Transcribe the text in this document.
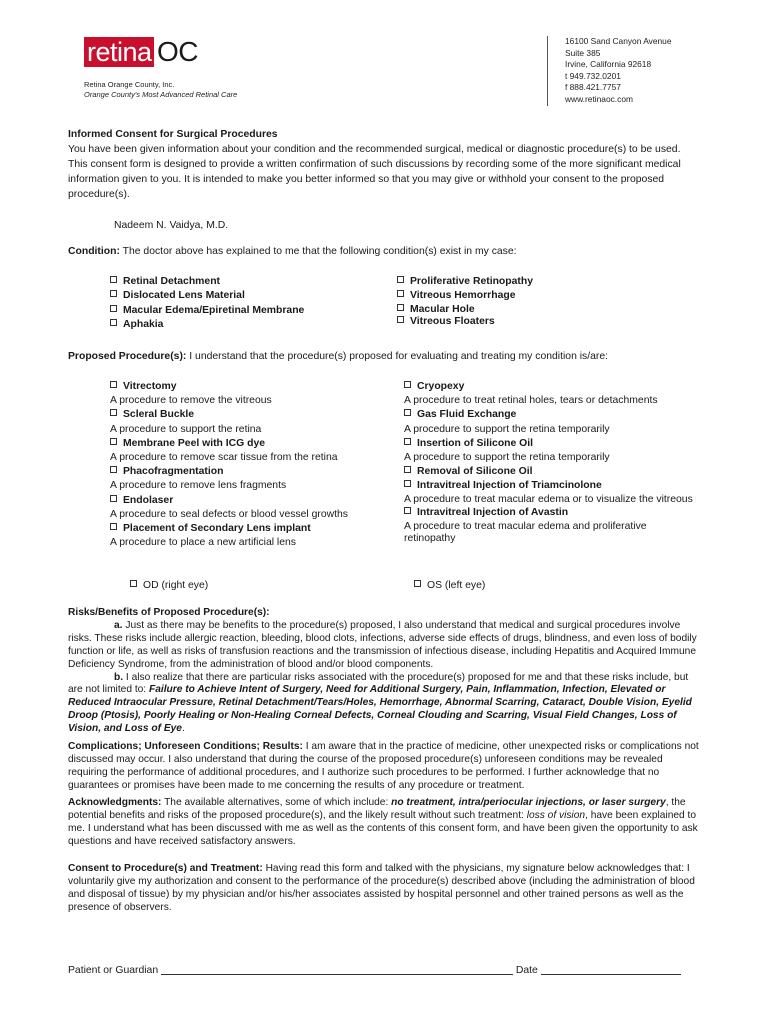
retina OC
Retina Orange County, Inc.
Orange County's Most Advanced Retinal Care
16100 Sand Canyon Avenue
Suite 385
Irvine, California 92618
t 949.732.0201
f 888.421.7757
www.retinaoc.com
Informed Consent for Surgical Procedures
You have been given information about your condition and the recommended surgical, medical or diagnostic procedure(s) to be used. This consent form is designed to provide a written confirmation of such discussions by recording some of the more significant medical information given to you. It is intended to make you better informed so that you may give or withhold your consent to the proposed procedure(s).
Nadeem N. Vaidya, M.D.
Condition: The doctor above has explained to me that the following condition(s) exist in my case:
Retinal Detachment
Dislocated Lens Material
Macular Edema/Epiretinal Membrane
Aphakia
Proliferative Retinopathy
Vitreous Hemorrhage
Macular Hole
Vitreous Floaters
Proposed Procedure(s): I understand that the procedure(s) proposed for evaluating and treating my condition is/are:
Vitrectomy
A procedure to remove the vitreous
Scleral Buckle
A procedure to support the retina
Membrane Peel with ICG dye
A procedure to remove scar tissue from the retina
Phacofragmentation
A procedure to remove lens fragments
Endolaser
A procedure to seal defects or blood vessel growths
Placement of Secondary Lens implant
A procedure to place a new artificial lens
Cryopexy
A procedure to treat retinal holes, tears or detachments
Gas Fluid Exchange
A procedure to support the retina temporarily
Insertion of Silicone Oil
A procedure to support the retina temporarily
Removal of Silicone Oil
Intravitreal Injection of Triamcinolone
A procedure to treat macular edema or to visualize the vitreous
Intravitreal Injection of Avastin
A procedure to treat macular edema and proliferative retinopathy
OD (right eye)	OS (left eye)
Risks/Benefits of Proposed Procedure(s):
a. Just as there may be benefits to the procedure(s) proposed, I also understand that medical and surgical procedures involve risks. These risks include allergic reaction, bleeding, blood clots, infections, adverse side effects of drugs, blindness, and even loss of bodily function or life, as well as risks of transfusion reactions and the transmission of infectious disease, including Hepatitis and Acquired Immune Deficiency Syndrome, from the administration of blood and/or blood components.
b. I also realize that there are particular risks associated with the procedure(s) proposed for me and that these risks include, but are not limited to: Failure to Achieve Intent of Surgery, Need for Additional Surgery, Pain, Inflammation, Infection, Elevated or Reduced Intraocular Pressure, Retinal Detachment/Tears/Holes, Hemorrhage, Abnormal Scarring, Cataract, Double Vision, Eyelid Droop (Ptosis), Poorly Healing or Non-Healing Corneal Defects, Corneal Clouding and Scarring, Visual Field Changes, Loss of Vision, and Loss of Eye.
Complications; Unforeseen Conditions; Results: I am aware that in the practice of medicine, other unexpected risks or complications not discussed may occur. I also understand that during the course of the proposed procedure(s) unforeseen conditions may be revealed requiring the performance of additional procedures, and I authorize such procedures to be performed. I further acknowledge that no guarantees or promises have been made to me concerning the results of any procedure or treatment.
Acknowledgments: The available alternatives, some of which include: no treatment, intra/periocular injections, or laser surgery, the potential benefits and risks of the proposed procedure(s), and the likely result without such treatment: loss of vision, have been explained to me. I understand what has been discussed with me as well as the contents of this consent form, and have been given the opportunity to ask questions and have received satisfactory answers.
Consent to Procedure(s) and Treatment: Having read this form and talked with the physicians, my signature below acknowledges that: I voluntarily give my authorization and consent to the performance of the procedure(s) described above (including the administration of blood and disposal of tissue) by my physician and/or his/her associates assisted by hospital personnel and other trained persons as well as the presence of observers.
Patient or Guardian	Date
